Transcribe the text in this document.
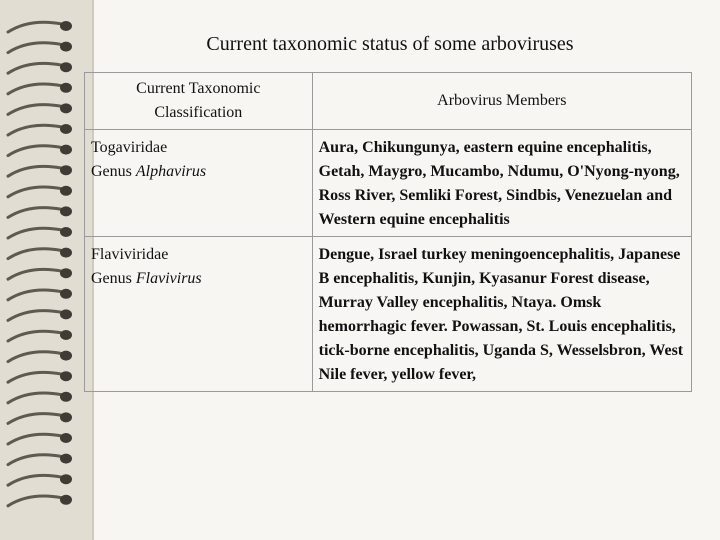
Current taxonomic status of some arboviruses
Current Taxonomic Classification	Arbovirus Members

Togaviridae
Genus Alphavirus	Aura, Chikungunya, eastern equine encephalitis, Getah, Maygro, Mucambo, Ndumu, O'Nyong-nyong, Ross River, Semliki Forest, Sindbis, Venezuelan and Western equine encephalitis

Flaviviridae
Genus Flavivirus	Dengue, Israel turkey meningoencephalitis, Japanese B encephalitis, Kunjin, Kyasanur Forest disease, Murray Valley encephalitis, Ntaya. Omsk hemorrhagic fever. Powassan, St. Louis encephalitis, tick-borne encephalitis, Uganda S, Wesselsbron, West Nile fever, yellow fever,
